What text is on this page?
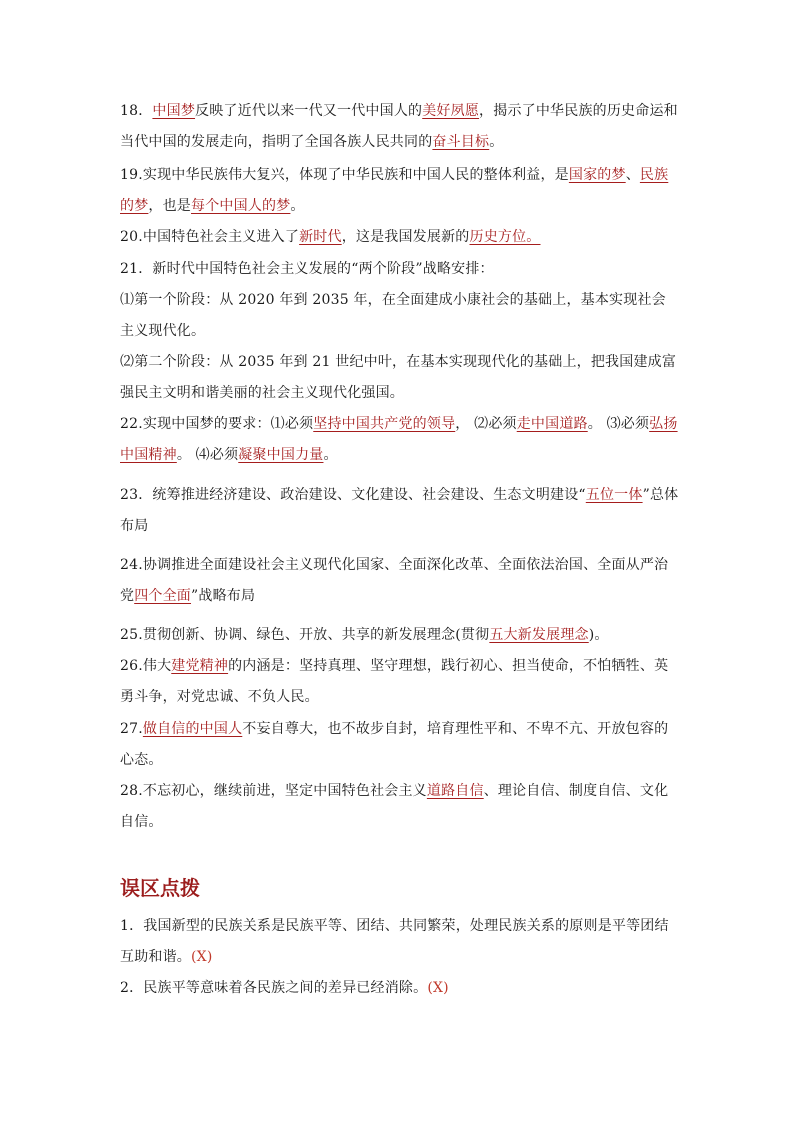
18．中国梦反映了近代以来一代又一代中国人的美好夙愿，揭示了中华民族的历史命运和当代中国的发展走向，指明了全国各族人民共同的奋斗目标。

19.实现中华民族伟大复兴，体现了中华民族和中国人民的整体利益，是国家的梦、民族的梦，也是每个中国人的梦。

20.中国特色社会主义进入了新时代，这是我国发展新的历史方位。

21．新时代中国特色社会主义发展的“两个阶段”战略安排：

⑴第一个阶段：从 2020 年到 2035 年，在全面建成小康社会的基础上，基本实现社会主义现代化。

⑵第二个阶段：从 2035 年到 21 世纪中叶，在基本实现现代化的基础上，把我国建成富强民主文明和谐美丽的社会主义现代化强国。

22.实现中国梦的要求：⑴必须坚持中国共产党的领导， ⑵必须走中国道路。 ⑶必须弘扬中国精神。 ⑷必须凝聚中国力量。

23．统筹推进经济建设、政治建设、文化建设、社会建设、生态文明建设“五位一体”总体布局

24.协调推进全面建设社会主义现代化国家、全面深化改革、全面依法治国、全面从严治党四个全面”战略布局

25.贯彻创新、协调、绿色、开放、共享的新发展理念(贯彻五大新发展理念)。

26.伟大建党精神的内涵是：坚持真理、坚守理想，践行初心、担当使命，不怕牺牲、英勇斗争，对党忠诚、不负人民。

27.做自信的中国人不妄自尊大，也不故步自封，培育理性平和、不卑不亢、开放包容的心态。

28.不忘初心，继续前进，坚定中国特色社会主义道路自信、理论自信、制度自信、文化自信。

误区点拨

1．我国新型的民族关系是民族平等、团结、共同繁荣，处理民族关系的原则是平等团结互助和谐。(X)

2．民族平等意味着各民族之间的差异已经消除。(X)
